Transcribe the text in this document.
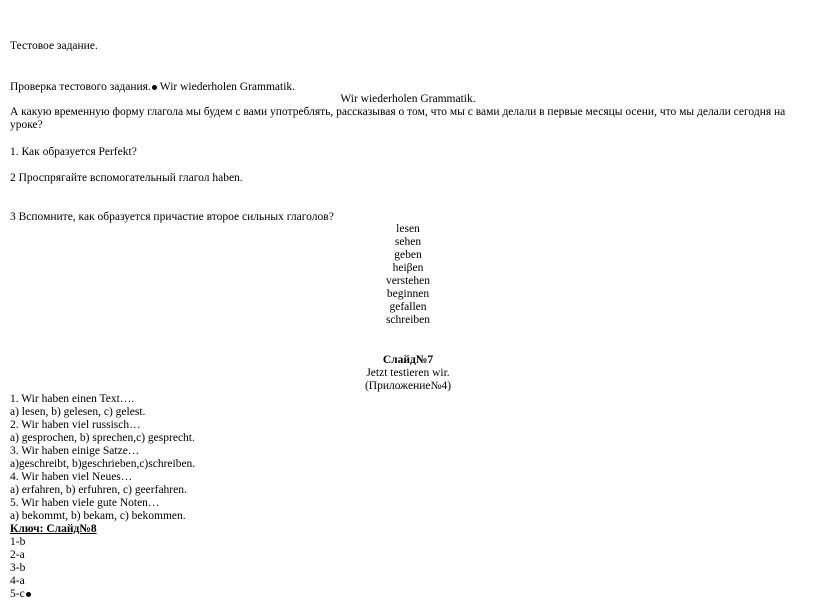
Тестовое задание.
Проверка тестового задания. Wir wiederholen Grammatik.
Wir wiederholen Grammatik.
А какую временную форму глагола мы будем с вами употреблять, рассказывая о том, что мы с вами делали в первые месяцы осени, что мы делали сегодня на уроке?
1. Как образуется Perfekt?
2 Проспрягайте вспомогательный глагол haben.
3 Вспомните, как образуется причастие второе сильных глаголов?
lesen
sehen
geben
heiβen
verstehen
beginnen
gefallen
schreiben
Слайд№7
Jetzt testieren wir.
(Приложение№4)
1. Wir haben einen Text….
a) lesen, b) gelesen, c) gelest.
2. Wir haben viel russisch…
a) gesprochen, b) sprechen,c) gesprecht.
3. Wir haben einige Satze…
a)geschreibt, b)geschrieben,c)schreiben.
4. Wir haben viel Neues…
a) erfahren, b) erfuhren, c) geerfahren.
5. Wir haben viele gute Noten…
a) bekommt, b) bekam, c) bekommen.
Ключ: Слайд№8
1-b
2-a
3-b
4-a
5-c
